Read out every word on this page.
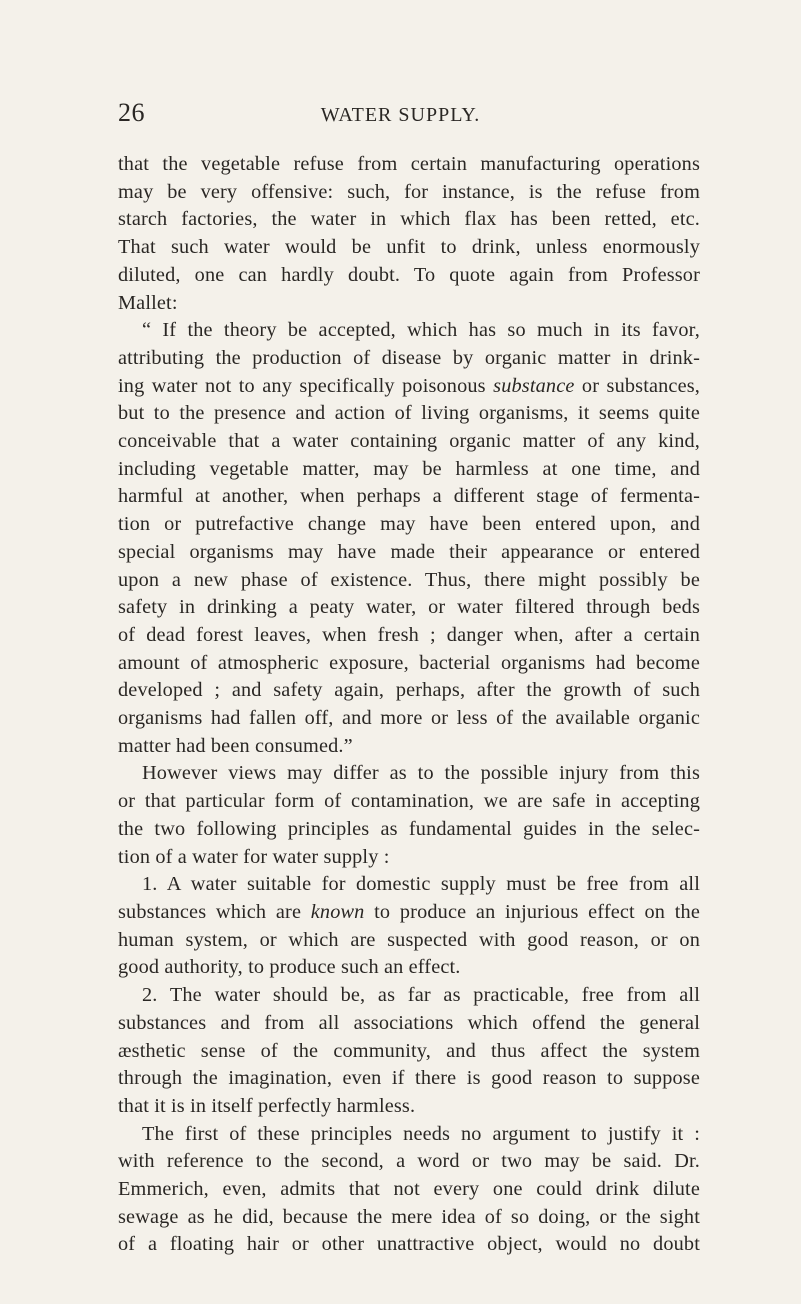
26	WATER SUPPLY.
that the vegetable refuse from certain manufacturing operations
may be very offensive: such, for instance, is the refuse from
starch factories, the water in which flax has been retted, etc.
That such water would be unfit to drink, unless enormously
diluted, one can hardly doubt. To quote again from Professor
Mallet:
“ If the theory be accepted, which has so much in its favor,
attributing the production of disease by organic matter in drink-
ing water not to any specifically poisonous substance or substances,
but to the presence and action of living organisms, it seems quite
conceivable that a water containing organic matter of any kind,
including vegetable matter, may be harmless at one time, and
harmful at another, when perhaps a different stage of fermenta-
tion or putrefactive change may have been entered upon, and
special organisms may have made their appearance or entered
upon a new phase of existence. Thus, there might possibly be
safety in drinking a peaty water, or water filtered through beds
of dead forest leaves, when fresh ; danger when, after a certain
amount of atmospheric exposure, bacterial organisms had become
developed ; and safety again, perhaps, after the growth of such
organisms had fallen off, and more or less of the available organic
matter had been consumed.”
However views may differ as to the possible injury from this
or that particular form of contamination, we are safe in accepting
the two following principles as fundamental guides in the selec-
tion of a water for water supply :
1. A water suitable for domestic supply must be free from all
substances which are known to produce an injurious effect on the
human system, or which are suspected with good reason, or on
good authority, to produce such an effect.
2. The water should be, as far as practicable, free from all
substances and from all associations which offend the general
æsthetic sense of the community, and thus affect the system
through the imagination, even if there is good reason to suppose
that it is in itself perfectly harmless.
The first of these principles needs no argument to justify it :
with reference to the second, a word or two may be said. Dr.
Emmerich, even, admits that not every one could drink dilute
sewage as he did, because the mere idea of so doing, or the sight
of a floating hair or other unattractive object, would no doubt
